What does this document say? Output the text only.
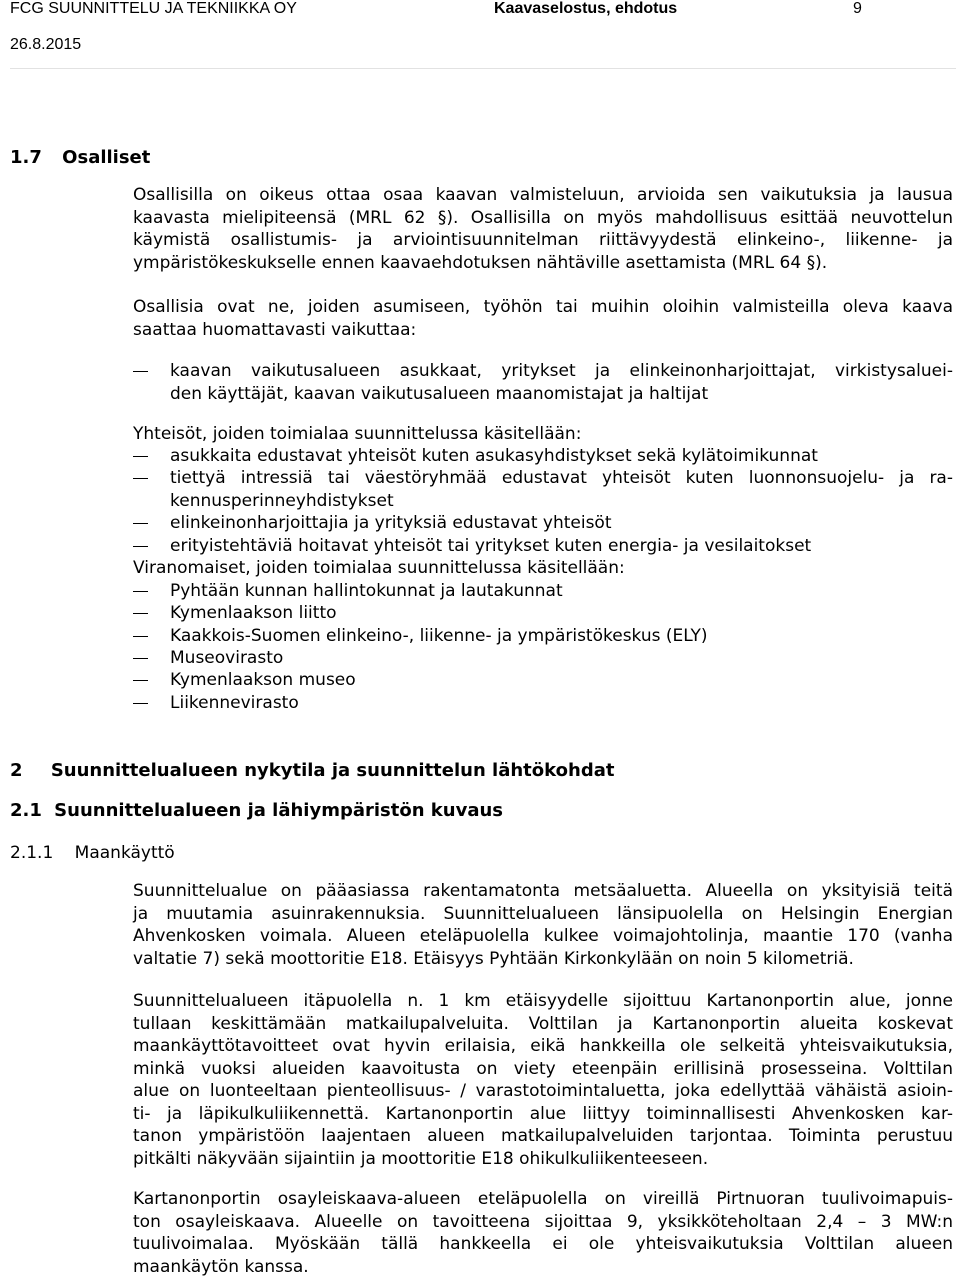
FCG SUUNNITTELU JA TEKNIIKKA OY	Kaavaselostus, ehdotus	9
26.8.2015
1.7 Osalliset
Osallisilla on oikeus ottaa osaa kaavan valmisteluun, arvioida sen vaikutuksia ja lausua
kaavasta mielipiteensä (MRL 62 §). Osallisilla on myös mahdollisuus esittää neuvottelun
käymistä osallistumis- ja arviointisuunnitelman riittävyydestä elinkeino-, liikenne- ja
ympäristökeskukselle ennen kaavaehdotuksen nähtäville asettamista (MRL 64 §).
Osallisia ovat ne, joiden asumiseen, työhön tai muihin oloihin valmisteilla oleva kaava
saattaa huomattavasti vaikuttaa:
kaavan vaikutusalueen asukkaat, yritykset ja elinkeinonharjoittajat, virkistysaluei-
den käyttäjät, kaavan vaikutusalueen maanomistajat ja haltijat
Yhteisöt, joiden toimialaa suunnittelussa käsitellään:
asukkaita edustavat yhteisöt kuten asukasyhdistykset sekä kylätoimikunnat
tiettyä intressiä tai väestöryhmää edustavat yhteisöt kuten luonnonsuojelu- ja ra-
kennusperinneyhdistykset
elinkeinonharjoittajia ja yrityksiä edustavat yhteisöt
erityistehtäviä hoitavat yhteisöt tai yritykset kuten energia- ja vesilaitokset
Viranomaiset, joiden toimialaa suunnittelussa käsitellään:
Pyhtään kunnan hallintokunnat ja lautakunnat
Kymenlaakson liitto
Kaakkois-Suomen elinkeino-, liikenne- ja ympäristökeskus (ELY)
Museovirasto
Kymenlaakson museo
Liikennevirasto
2 Suunnittelualueen nykytila ja suunnittelun lähtökohdat
2.1 Suunnittelualueen ja lähiympäristön kuvaus
2.1.1 Maankäyttö
Suunnittelualue on pääasiassa rakentamatonta metsäaluetta. Alueella on yksityisiä teitä
ja muutamia asuinrakennuksia. Suunnittelualueen länsipuolella on Helsingin Energian
Ahvenkosken voimala. Alueen eteläpuolella kulkee voimajohtolinja, maantie 170 (vanha
valtatie 7) sekä moottoritie E18. Etäisyys Pyhtään Kirkonkylään on noin 5 kilometriä.
Suunnittelualueen itäpuolella n. 1 km etäisyydelle sijoittuu Kartanonportin alue, jonne
tullaan keskittämään matkailupalveluita. Volttilan ja Kartanonportin alueita koskevat
maankäyttötavoitteet ovat hyvin erilaisia, eikä hankkeilla ole selkeitä yhteisvaikutuksia,
minkä vuoksi alueiden kaavoitusta on viety eteenpäin erillisinä prosesseina. Volttilan
alue on luonteeltaan pienteollisuus- / varastotoimintaluetta, joka edellyttää vähäistä asioin-
ti- ja läpikulkuliikennettä. Kartanonportin alue liittyy toiminnallisesti Ahvenkosken kar-
tanon ympäristöön laajentaen alueen matkailupalveluiden tarjontaa. Toiminta perustuu
pitkälti näkyvään sijaintiin ja moottoritie E18 ohikulkuliikenteeseen.
Kartanonportin osayleiskaava-alueen eteläpuolella on vireillä Pirtnuoran tuulivoimapuis-
ton osayleiskaava. Alueelle on tavoitteena sijoittaa 9, yksikköteholtaan 2,4 – 3 MW:n
tuulivoimalaa. Myöskään tällä hankkeella ei ole yhteisvaikutuksia Volttilan alueen
maankäytön kanssa.
